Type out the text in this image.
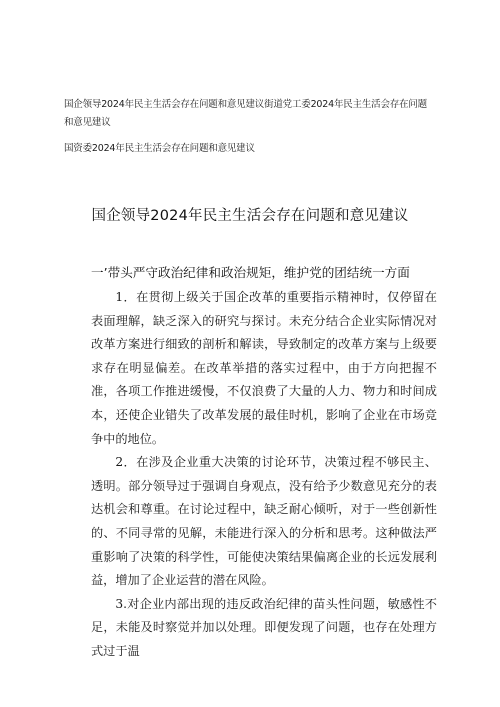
国企领导2024年民主生活会存在问题和意见建议街道党工委2024年民主生活会存在问题
和意见建议
国资委2024年民主生活会存在问题和意见建议
国企领导2024年民主生活会存在问题和意见建议
一’带头严守政治纪律和政治规矩，维护党的团结统一方面

1．在贯彻上级关于国企改革的重要指示精神时，仅停留在表面理解，缺乏深入的研究与探讨。未充分结合企业实际情况对改革方案进行细致的剖析和解读，导致制定的改革方案与上级要求存在明显偏差。在改革举措的落实过程中，由于方向把握不准，各项工作推进缓慢，不仅浪费了大量的人力、物力和时间成本，还使企业错失了改革发展的最佳时机，影响了企业在市场竞争中的地位。

2．在涉及企业重大决策的讨论环节，决策过程不够民主、透明。部分领导过于强调自身观点，没有给予少数意见充分的表达机会和尊重。在讨论过程中，缺乏耐心倾听，对于一些创新性的、不同寻常的见解，未能进行深入的分析和思考。这种做法严重影响了决策的科学性，可能使决策结果偏离企业的长远发展利益，增加了企业运营的潜在风险。

3.对企业内部出现的违反政治纪律的苗头性问题，敏感性不足，未能及时察觉并加以处理。即便发现了问题，也存在处理方式过于温
